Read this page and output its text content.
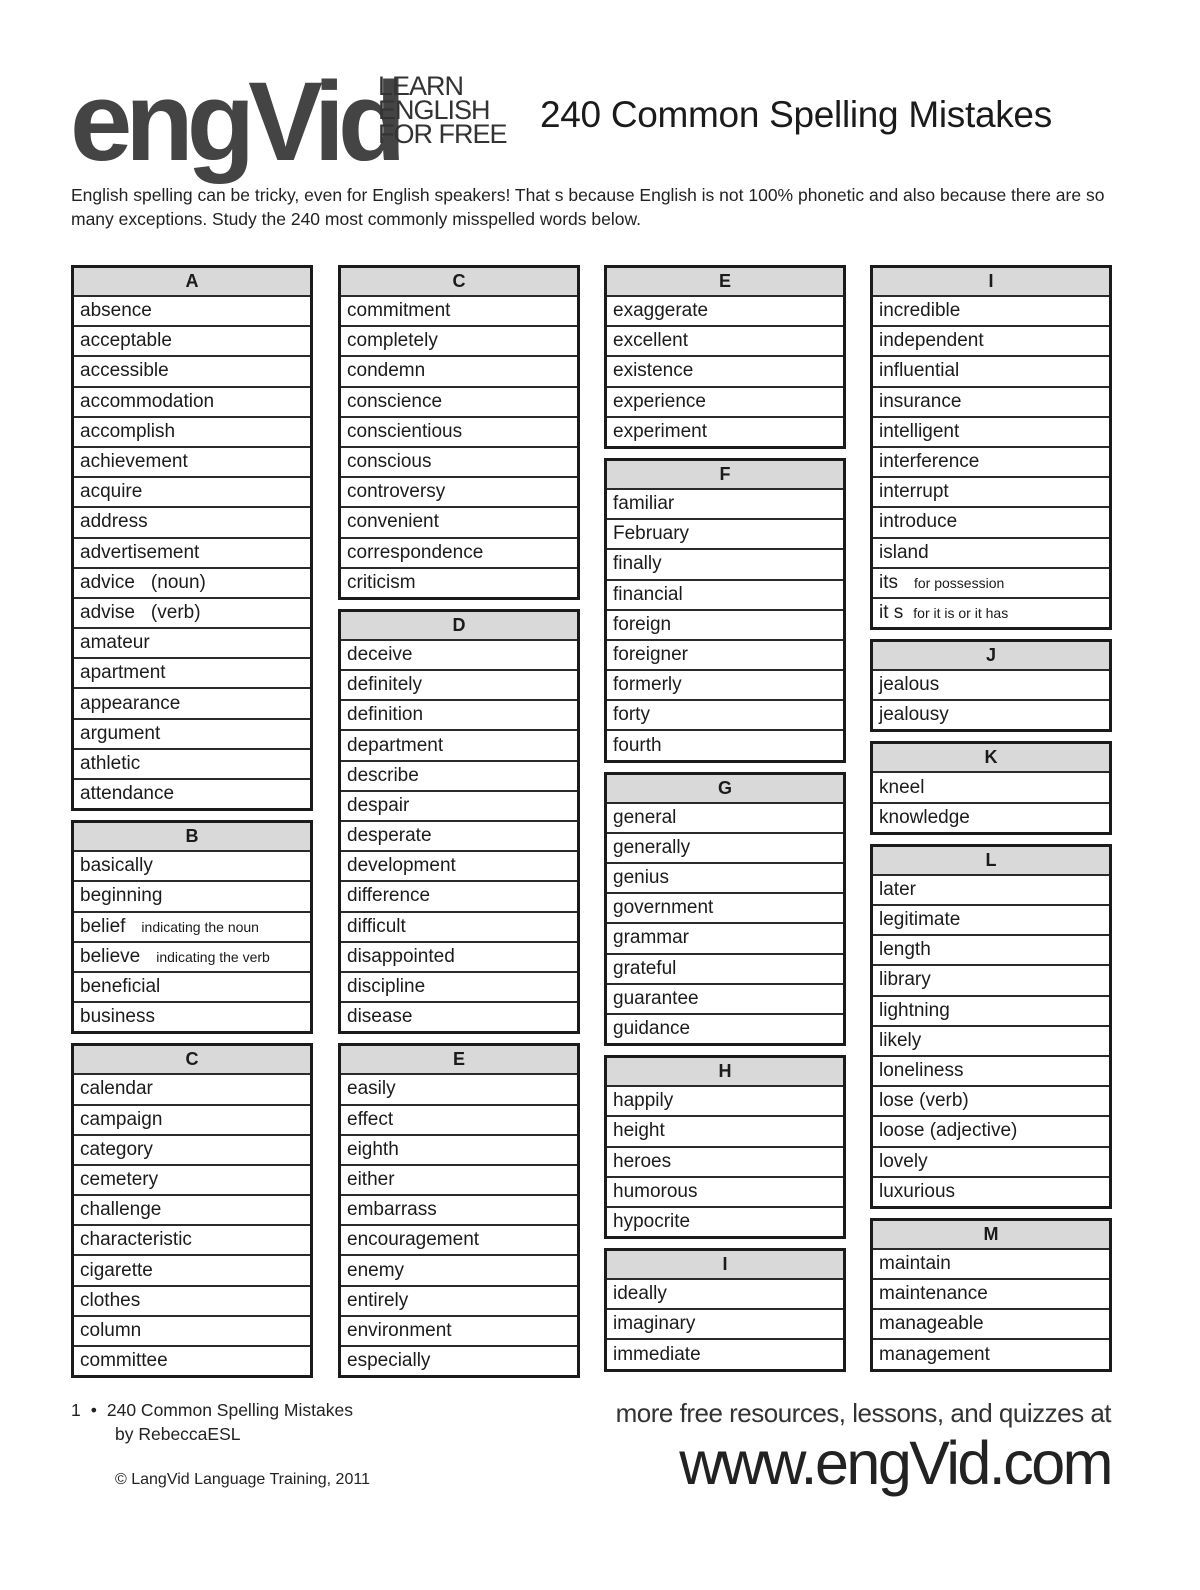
engVid
LEARN
ENGLISH
FOR FREE 240 Common Spelling Mistakes

English spelling can be tricky, even for English speakers! That s because English is not 100% phonetic and also because there are so many exceptions. Study the 240 most commonly misspelled words below.

A
absence
acceptable
accessible
accommodation
accomplish
achievement
acquire
address
advertisement
advice (noun)
advise (verb)
amateur
apartment
appearance
argument
athletic
attendance
B
basically
beginning
belief indicating the noun
believe indicating the verb
beneficial
business
C
calendar
campaign
category
cemetery
challenge
characteristic
cigarette
clothes
column
committee
C
commitment
completely
condemn
conscience
conscientious
conscious
controversy
convenient
correspondence
criticism
D
deceive
definitely
definition
department
describe
despair
desperate
development
difference
difficult
disappointed
discipline
disease
E
easily
effect
eighth
either
embarrass
encouragement
enemy
entirely
environment
especially
E
exaggerate
excellent
existence
experience
experiment
F
familiar
February
finally
financial
foreign
foreigner
formerly
forty
fourth
G
general
generally
genius
government
grammar
grateful
guarantee
guidance
H
happily
height
heroes
humorous
hypocrite
I
ideally
imaginary
immediate
I
incredible
independent
influential
insurance
intelligent
interference
interrupt
introduce
island
its for possession
it s for it is or it has
J
jealous
jealousy
K
kneel
knowledge
L
later
legitimate
length
library
lightning
likely
loneliness
lose (verb)
loose (adjective)
lovely
luxurious
M
maintain
maintenance
manageable
management
1 • 240 Common Spelling Mistakes
by RebeccaESL
© LangVid Language Training, 2011
more free resources, lessons, and quizzes at
www.engVid.com
